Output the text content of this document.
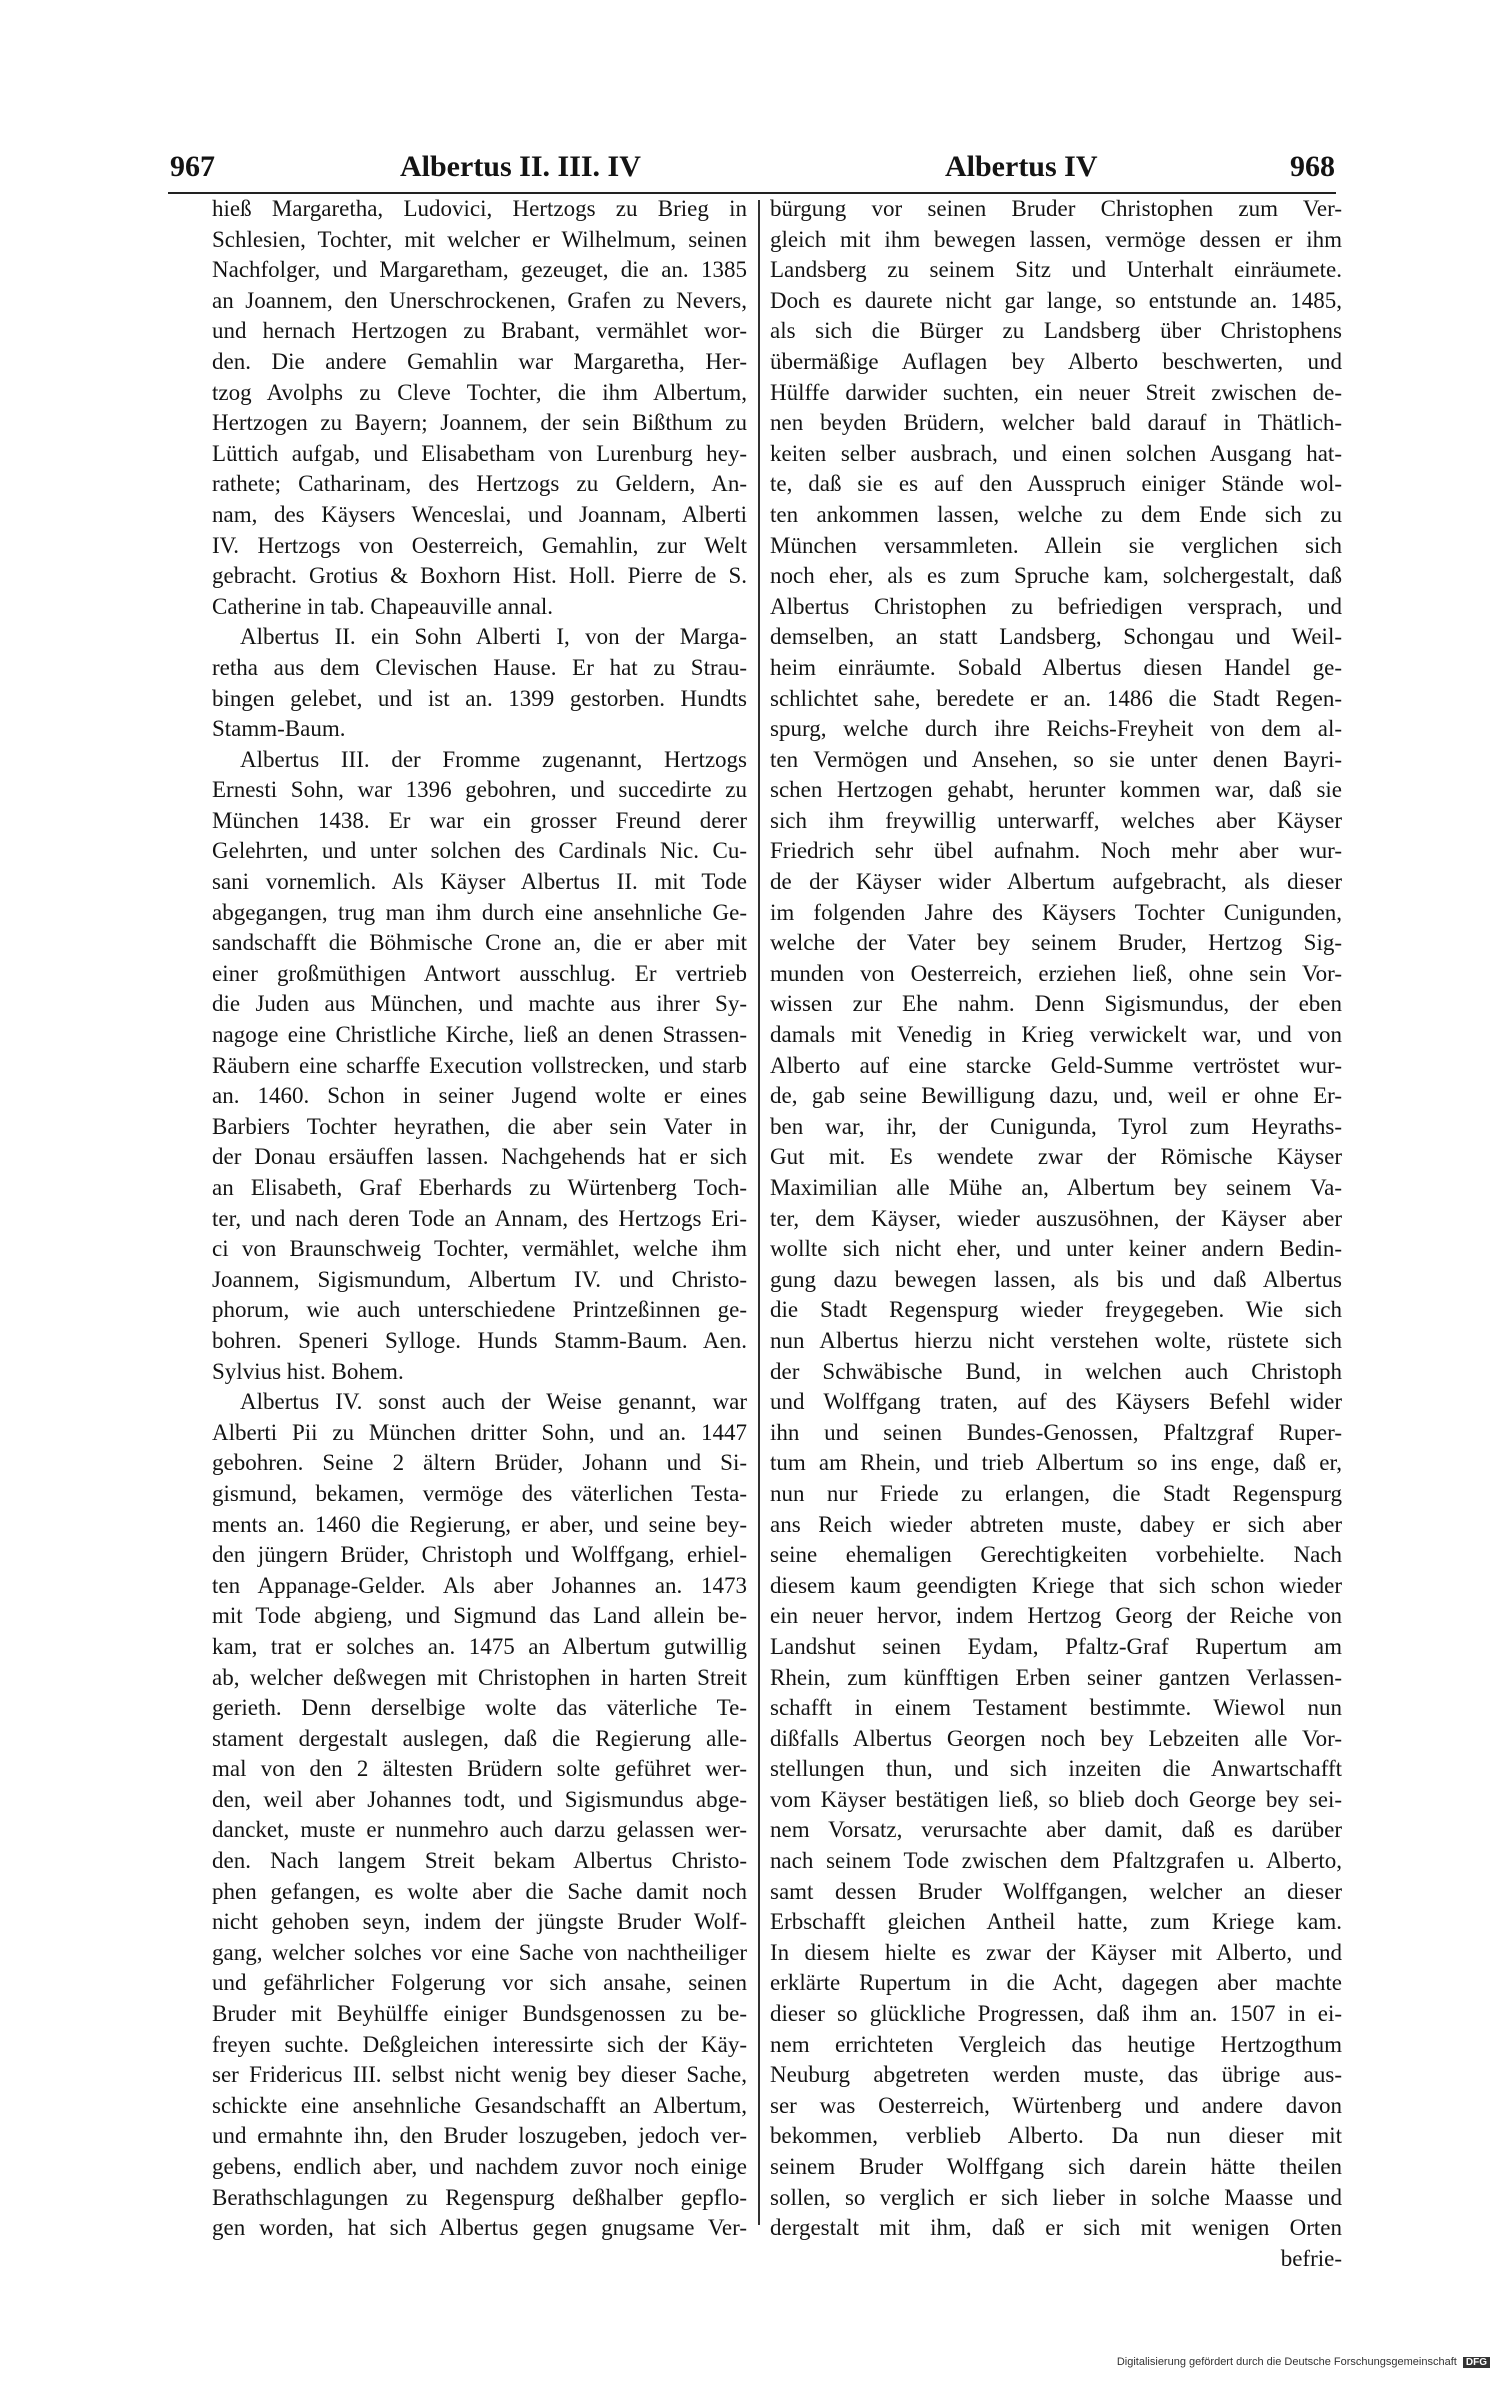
967	Albertus II. III. IV	Albertus IV	968

hieß Margaretha, Ludovici, Hertzogs zu Brieg in

Schlesien, Tochter, mit welcher er Wilhelmum, seinen

Nachfolger, und Margaretham, gezeuget, die an. 1385

an Joannem, den Unerschrockenen, Grafen zu Nevers,

und hernach Hertzogen zu Brabant, vermählet wor-

den. Die andere Gemahlin war Margaretha, Her-

tzog Avolphs zu Cleve Tochter, die ihm Albertum,

Hertzogen zu Bayern; Joannem, der sein Bißthum zu

Lüttich aufgab, und Elisabetham von Lurenburg hey-

rathete; Catharinam, des Hertzogs zu Geldern, An-

nam, des Käysers Wenceslai, und Joannam, Alberti

IV. Hertzogs von Oesterreich, Gemahlin, zur Welt

gebracht. Grotius & Boxhorn Hist. Holl. Pierre de S.

Catherine in tab. Chapeauville annal.

Albertus II. ein Sohn Alberti I, von der Marga-

retha aus dem Clevischen Hause. Er hat zu Strau-

bingen gelebet, und ist an. 1399 gestorben. Hundts

Stamm-Baum.

Albertus III. der Fromme zugenannt, Hertzogs

Ernesti Sohn, war 1396 gebohren, und succedirte zu

München 1438. Er war ein grosser Freund derer

Gelehrten, und unter solchen des Cardinals Nic. Cu-

sani vornemlich. Als Käyser Albertus II. mit Tode

abgegangen, trug man ihm durch eine ansehnliche Ge-

sandschafft die Böhmische Crone an, die er aber mit

einer großmüthigen Antwort ausschlug. Er vertrieb

die Juden aus München, und machte aus ihrer Sy-

nagoge eine Christliche Kirche, ließ an denen Strassen-

Räubern eine scharffe Execution vollstrecken, und starb

an. 1460. Schon in seiner Jugend wolte er eines

Barbiers Tochter heyrathen, die aber sein Vater in

der Donau ersäuffen lassen. Nachgehends hat er sich

an Elisabeth, Graf Eberhards zu Würtenberg Toch-

ter, und nach deren Tode an Annam, des Hertzogs Eri-

ci von Braunschweig Tochter, vermählet, welche ihm

Joannem, Sigismundum, Albertum IV. und Christo-

phorum, wie auch unterschiedene Printzeßinnen ge-

bohren. Speneri Sylloge. Hunds Stamm-Baum. Aen.

Sylvius hist. Bohem.

Albertus IV. sonst auch der Weise genannt, war

Alberti Pii zu München dritter Sohn, und an. 1447

gebohren. Seine 2 ältern Brüder, Johann und Si-

gismund, bekamen, vermöge des väterlichen Testa-

ments an. 1460 die Regierung, er aber, und seine bey-

den jüngern Brüder, Christoph und Wolffgang, erhiel-

ten Appanage-Gelder. Als aber Johannes an. 1473

mit Tode abgieng, und Sigmund das Land allein be-

kam, trat er solches an. 1475 an Albertum gutwillig

ab, welcher deßwegen mit Christophen in harten Streit

gerieth. Denn derselbige wolte das väterliche Te-

stament dergestalt auslegen, daß die Regierung alle-

mal von den 2 ältesten Brüdern solte geführet wer-

den, weil aber Johannes todt, und Sigismundus abge-

dancket, muste er nunmehro auch darzu gelassen wer-

den. Nach langem Streit bekam Albertus Christo-

phen gefangen, es wolte aber die Sache damit noch

nicht gehoben seyn, indem der jüngste Bruder Wolf-

gang, welcher solches vor eine Sache von nachtheiliger

und gefährlicher Folgerung vor sich ansahe, seinen

Bruder mit Beyhülffe einiger Bundsgenossen zu be-

freyen suchte. Deßgleichen interessirte sich der Käy-

ser Fridericus III. selbst nicht wenig bey dieser Sache,

schickte eine ansehnliche Gesandschafft an Albertum,

und ermahnte ihn, den Bruder loszugeben, jedoch ver-

gebens, endlich aber, und nachdem zuvor noch einige

Berathschlagungen zu Regenspurg deßhalber gepflo-

gen worden, hat sich Albertus gegen gnugsame Ver-

bürgung vor seinen Bruder Christophen zum Ver-

gleich mit ihm bewegen lassen, vermöge dessen er ihm

Landsberg zu seinem Sitz und Unterhalt einräumete.

Doch es daurete nicht gar lange, so entstunde an. 1485,

als sich die Bürger zu Landsberg über Christophens

übermäßige Auflagen bey Alberto beschwerten, und

Hülffe darwider suchten, ein neuer Streit zwischen de-

nen beyden Brüdern, welcher bald darauf in Thätlich-

keiten selber ausbrach, und einen solchen Ausgang hat-

te, daß sie es auf den Ausspruch einiger Stände wol-

ten ankommen lassen, welche zu dem Ende sich zu

München versammleten. Allein sie verglichen sich

noch eher, als es zum Spruche kam, solchergestalt, daß

Albertus Christophen zu befriedigen versprach, und

demselben, an statt Landsberg, Schongau und Weil-

heim einräumte. Sobald Albertus diesen Handel ge-

schlichtet sahe, beredete er an. 1486 die Stadt Regen-

spurg, welche durch ihre Reichs-Freyheit von dem al-

ten Vermögen und Ansehen, so sie unter denen Bayri-

schen Hertzogen gehabt, herunter kommen war, daß sie

sich ihm freywillig unterwarff, welches aber Käyser

Friedrich sehr übel aufnahm. Noch mehr aber wur-

de der Käyser wider Albertum aufgebracht, als dieser

im folgenden Jahre des Käysers Tochter Cunigunden,

welche der Vater bey seinem Bruder, Hertzog Sig-

munden von Oesterreich, erziehen ließ, ohne sein Vor-

wissen zur Ehe nahm. Denn Sigismundus, der eben

damals mit Venedig in Krieg verwickelt war, und von

Alberto auf eine starcke Geld-Summe vertröstet wur-

de, gab seine Bewilligung dazu, und, weil er ohne Er-

ben war, ihr, der Cunigunda, Tyrol zum Heyraths-

Gut mit. Es wendete zwar der Römische Käyser

Maximilian alle Mühe an, Albertum bey seinem Va-

ter, dem Käyser, wieder auszusöhnen, der Käyser aber

wollte sich nicht eher, und unter keiner andern Bedin-

gung dazu bewegen lassen, als bis und daß Albertus

die Stadt Regenspurg wieder freygegeben. Wie sich

nun Albertus hierzu nicht verstehen wolte, rüstete sich

der Schwäbische Bund, in welchen auch Christoph

und Wolffgang traten, auf des Käysers Befehl wider

ihn und seinen Bundes-Genossen, Pfaltzgraf Ruper-

tum am Rhein, und trieb Albertum so ins enge, daß er,

nun nur Friede zu erlangen, die Stadt Regenspurg

ans Reich wieder abtreten muste, dabey er sich aber

seine ehemaligen Gerechtigkeiten vorbehielte. Nach

diesem kaum geendigten Kriege that sich schon wieder

ein neuer hervor, indem Hertzog Georg der Reiche von

Landshut seinen Eydam, Pfaltz-Graf Rupertum am

Rhein, zum künfftigen Erben seiner gantzen Verlassen-

schafft in einem Testament bestimmte. Wiewol nun

dißfalls Albertus Georgen noch bey Lebzeiten alle Vor-

stellungen thun, und sich inzeiten die Anwartschafft

vom Käyser bestätigen ließ, so blieb doch George bey sei-

nem Vorsatz, verursachte aber damit, daß es darüber

nach seinem Tode zwischen dem Pfaltzgrafen u. Alberto,

samt dessen Bruder Wolffgangen, welcher an dieser

Erbschafft gleichen Antheil hatte, zum Kriege kam.

In diesem hielte es zwar der Käyser mit Alberto, und

erklärte Rupertum in die Acht, dagegen aber machte

dieser so glückliche Progressen, daß ihm an. 1507 in ei-

nem errichteten Vergleich das heutige Hertzogthum

Neuburg abgetreten werden muste, das übrige aus-

ser was Oesterreich, Würtenberg und andere davon

bekommen, verblieb Alberto. Da nun dieser mit

seinem Bruder Wolffgang sich darein hätte theilen

sollen, so verglich er sich lieber in solche Maasse und

dergestalt mit ihm, daß er sich mit wenigen Orten

befrie-

Digitalisierung gefördert durch die Deutsche Forschungsgemeinschaft DFG
